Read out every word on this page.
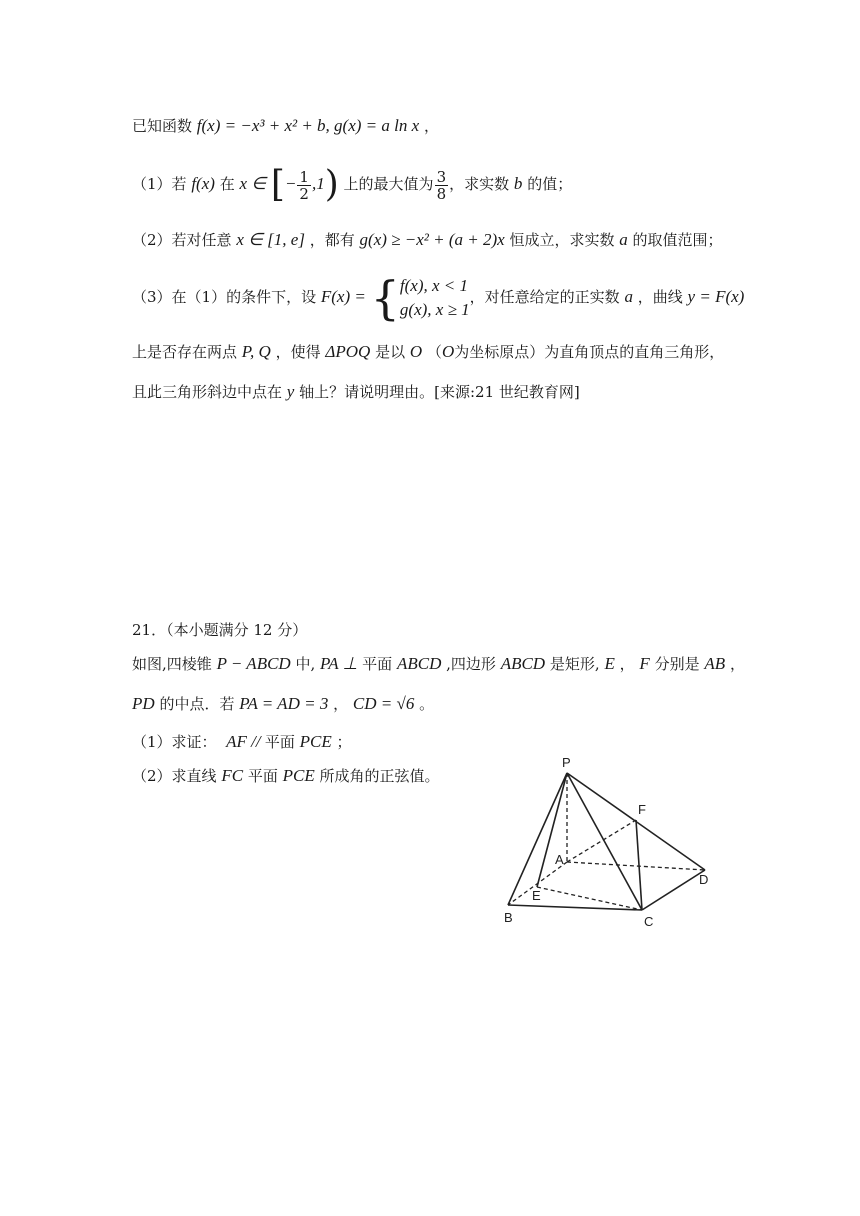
已知函数 f(x) = −x³ + x² + b, g(x) = a ln x ，
（1）若 f(x) 在 x ∈ [− $\frac{1}{2} ,1$) 上的最大值为 $\frac{3}{8}$ ，求实数 b 的值；
（2）若对任意 x ∈ [1, e] ，都有 g(x) ≥ −x² + (a + 2)x 恒成立，求实数 a 的取值范围；
（3）在（1）的条件下，设 F(x) = { f(x), x < 1
g(x), x ≥ 1
，对任意给定的正实数 a ，曲线 y = F(x)
上是否存在两点 P, Q ，使得 ΔPOQ 是以 O （O为坐标原点）为直角顶点的直角三角形，
且此三角形斜边中点在 y 轴上？请说明理由。[来源:21 世纪教育网]
21．（本小题满分 12 分）
如图,四棱锥 P − ABCD 中, PA ⊥ 平面 ABCD ,四边形 ABCD 是矩形, E ， F 分别是 AB ，
PD 的中点．若 PA = AD = 3 ， CD = √6 。
（1）求证： AF // 平面 PCE ；
（2）求直线 FC 平面 PCE 所成角的正弦值。
P
F
A
D
E
B	C
